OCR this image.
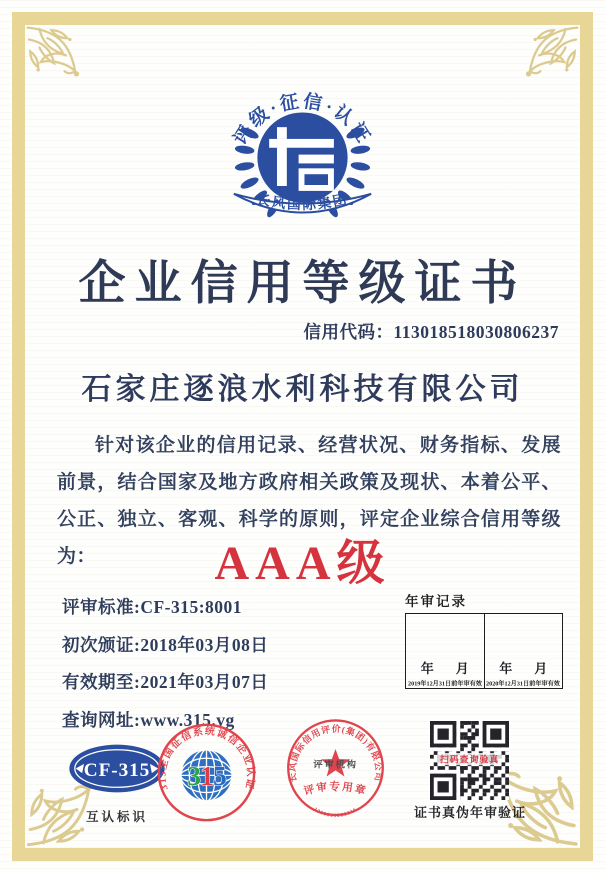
评级·征信·认证
长风国际集团
企业信用等级证书
信用代码：113018518030806237
石家庄逐浪水利科技有限公司
针对该企业的信用记录、经营状况、财务指标、发展前景，结合国家及地方政府相关政策及现状、本着公平、公正、独立、客观、科学的原则，评定企业综合信用等级为：	AAA级
评审标准:CF-315:8001
初次颁证:2018年03月08日
有效期至:2021年03月07日
查询网址:www.315.vg
年审记录
年 月
2019年12月31日前年审有效
年 月
2020年12月31日前年审有效
CF-315
互认标识
315全国征信系统诚信企业认证
315	长风国际信用评价(集团)有限公司
评审机构
评审专用章
1300000286316
扫码查询验真
证书真伪年审验证
